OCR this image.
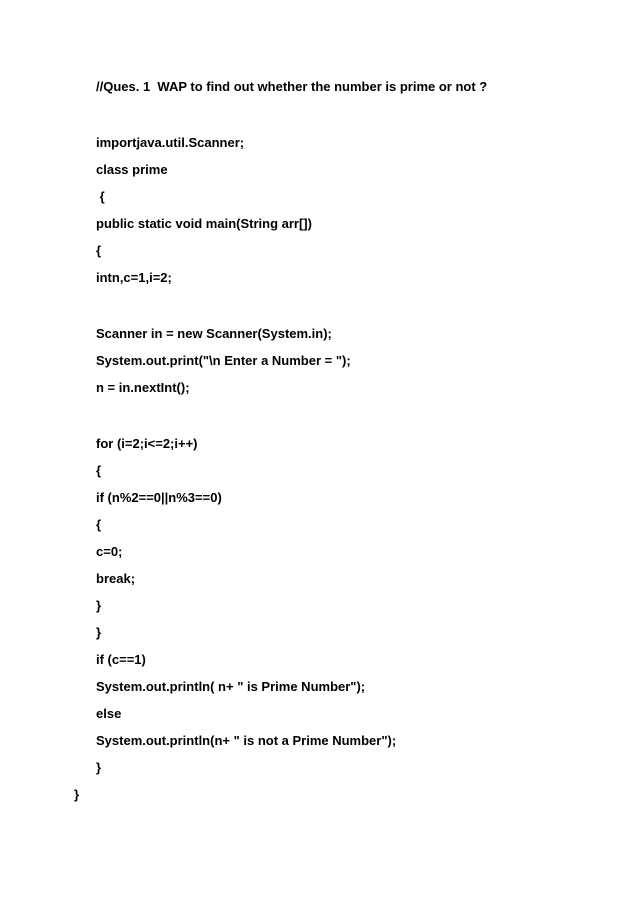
//Ques. 1  WAP to find out whether the number is prime or not ?
importjava.util.Scanner;
class prime
{
public static void main(String arr[])
{
intn,c=1,i=2;
Scanner in = new Scanner(System.in);
System.out.print("\n Enter a Number = ");
n = in.nextInt();
for (i=2;i<=2;i++)
{
if (n%2==0||n%3==0)
{
c=0;
break;
}
}
if (c==1)
System.out.println( n+ " is Prime Number");
else
System.out.println(n+ " is not a Prime Number");
}
}
